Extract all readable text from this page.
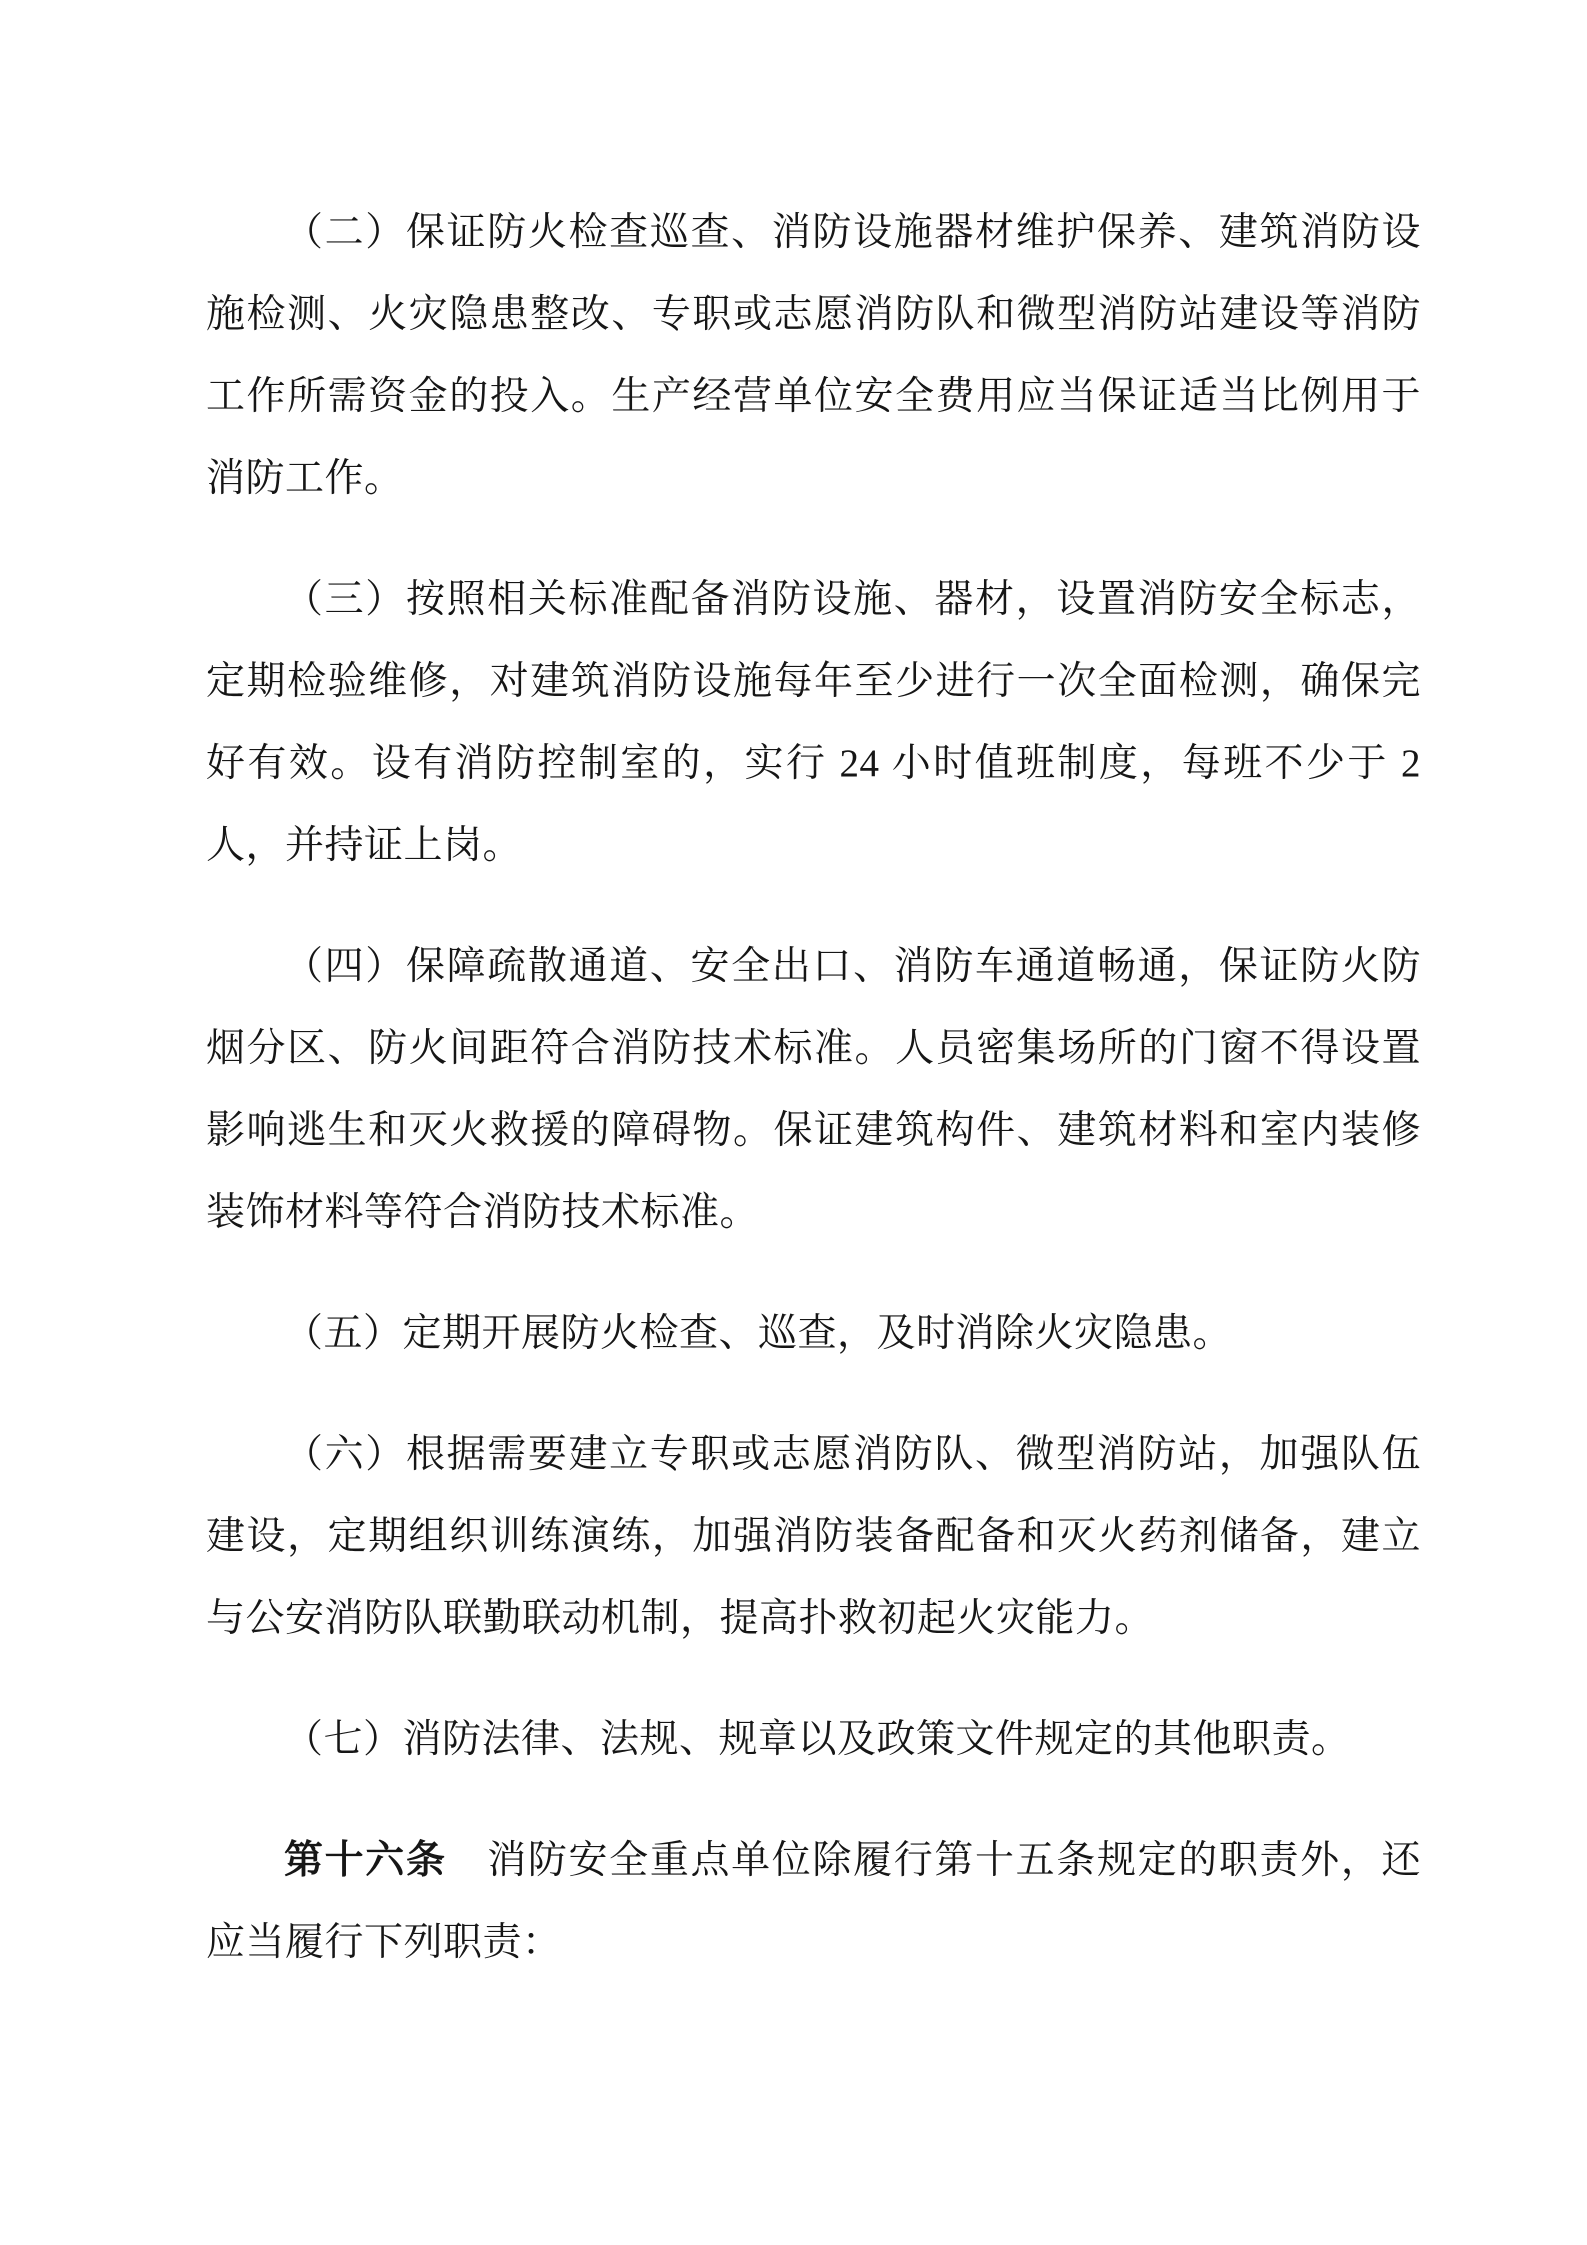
（二）保证防火检查巡查、消防设施器材维护保养、建筑消防设施检测、火灾隐患整改、专职或志愿消防队和微型消防站建设等消防工作所需资金的投入。生产经营单位安全费用应当保证适当比例用于消防工作。

（三）按照相关标准配备消防设施、器材，设置消防安全标志，定期检验维修，对建筑消防设施每年至少进行一次全面检测，确保完好有效。设有消防控制室的，实行 24 小时值班制度，每班不少于 2 人，并持证上岗。

（四）保障疏散通道、安全出口、消防车通道畅通，保证防火防烟分区、防火间距符合消防技术标准。人员密集场所的门窗不得设置影响逃生和灭火救援的障碍物。保证建筑构件、建筑材料和室内装修装饰材料等符合消防技术标准。

（五）定期开展防火检查、巡查，及时消除火灾隐患。

（六）根据需要建立专职或志愿消防队、微型消防站，加强队伍建设，定期组织训练演练，加强消防装备配备和灭火药剂储备，建立与公安消防队联勤联动机制，提高扑救初起火灾能力。

（七）消防法律、法规、规章以及政策文件规定的其他职责。

第十六条　消防安全重点单位除履行第十五条规定的职责外，还应当履行下列职责：
